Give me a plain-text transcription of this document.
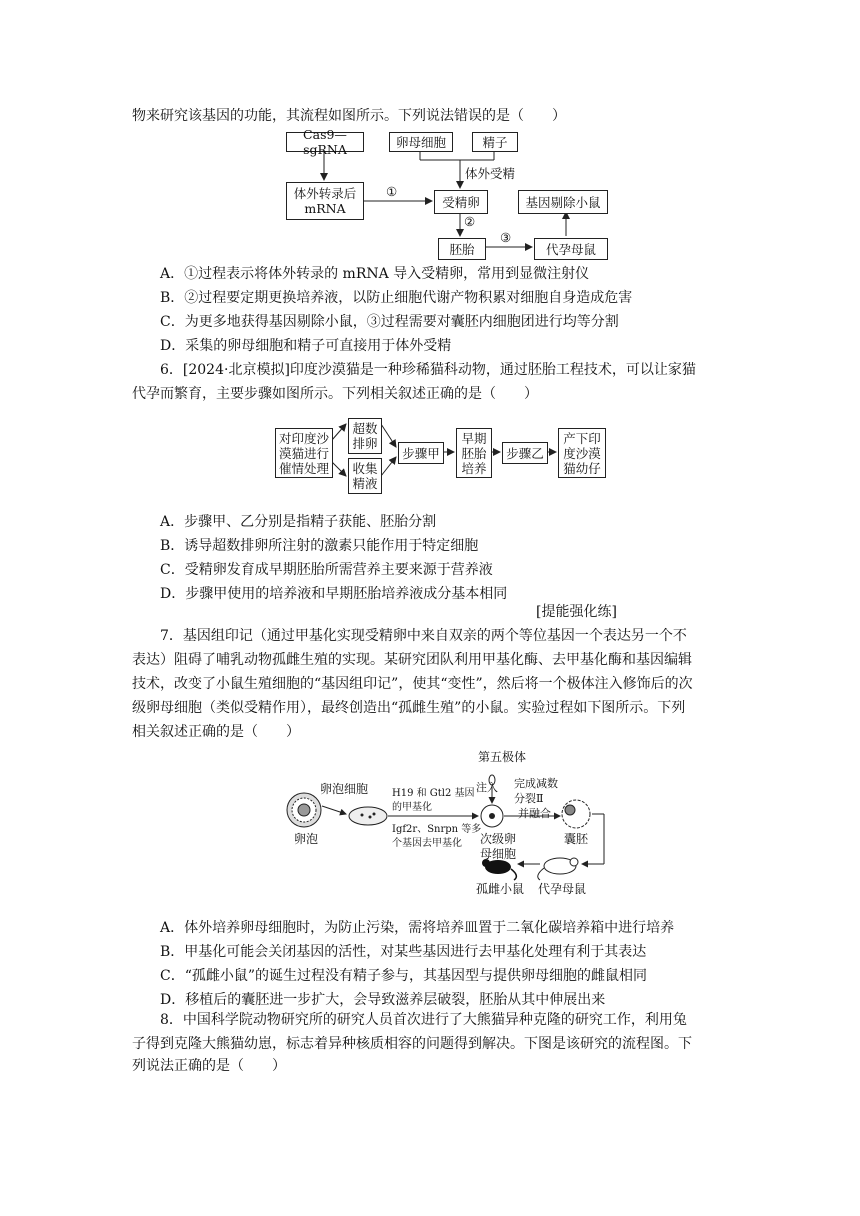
物来研究该基因的功能，其流程如图所示。下列说法错误的是（　　）
Cas9—sgRNA	卵母细胞	精子
体外受精
体外转录后
mRNA
①
受精卵
②
基因剔除小鼠
胚胎
③
代孕母鼠
A．①过程表示将体外转录的 mRNA 导入受精卵，常用到显微注射仪
B．②过程要定期更换培养液，以防止细胞代谢产物积累对细胞自身造成危害
C．为更多地获得基因剔除小鼠，③过程需要对囊胚内细胞团进行均等分割
D．采集的卵母细胞和精子可直接用于体外受精
6．[2024·北京模拟]印度沙漠猫是一种珍稀猫科动物，通过胚胎工程技术，可以让家猫
代孕而繁育，主要步骤如图所示。下列相关叙述正确的是（　　）
对印度沙
漠猫进行
催情处理
超数
排卵
收集
精液
步骤甲
早期
胚胎
培养
步骤乙
产下印
度沙漠
猫幼仔
A．步骤甲、乙分别是指精子获能、胚胎分割
B．诱导超数排卵所注射的激素只能作用于特定细胞
C．受精卵发育成早期胚胎所需营养主要来源于营养液
D．步骤甲使用的培养液和早期胚胎培养液成分基本相同
[提能强化练]
7．基因组印记（通过甲基化实现受精卵中来自双亲的两个等位基因一个表达另一个不
表达）阻碍了哺乳动物孤雌生殖的实现。某研究团队利用甲基化酶、去甲基化酶和基因编辑
技术，改变了小鼠生殖细胞的“基因组印记”，使其“变性”，然后将一个极体注入修饰后的次
级卵母细胞（类似受精作用），最终创造出“孤雌生殖”的小鼠。实验过程如下图所示。下列
相关叙述正确的是（　　）
第五极体
注入 完成减数
分裂Ⅱ
并融合
卵泡细胞 H19 和 Gtl2 基因
的甲基化
Igf2r、Snrpn 等多
个基因去甲基化
卵泡	次级卵
母细胞
囊胚
孤雌小鼠 代孕母鼠
A．体外培养卵母细胞时，为防止污染，需将培养皿置于二氧化碳培养箱中进行培养
B．甲基化可能会关闭基因的活性，对某些基因进行去甲基化处理有利于其表达
C．“孤雌小鼠”的诞生过程没有精子参与，其基因型与提供卵母细胞的雌鼠相同
D．移植后的囊胚进一步扩大，会导致滋养层破裂，胚胎从其中伸展出来
8．中国科学院动物研究所的研究人员首次进行了大熊猫异种克隆的研究工作，利用兔
子得到克隆大熊猫幼崽，标志着异种核质相容的问题得到解决。下图是该研究的流程图。下
列说法正确的是（　　）
